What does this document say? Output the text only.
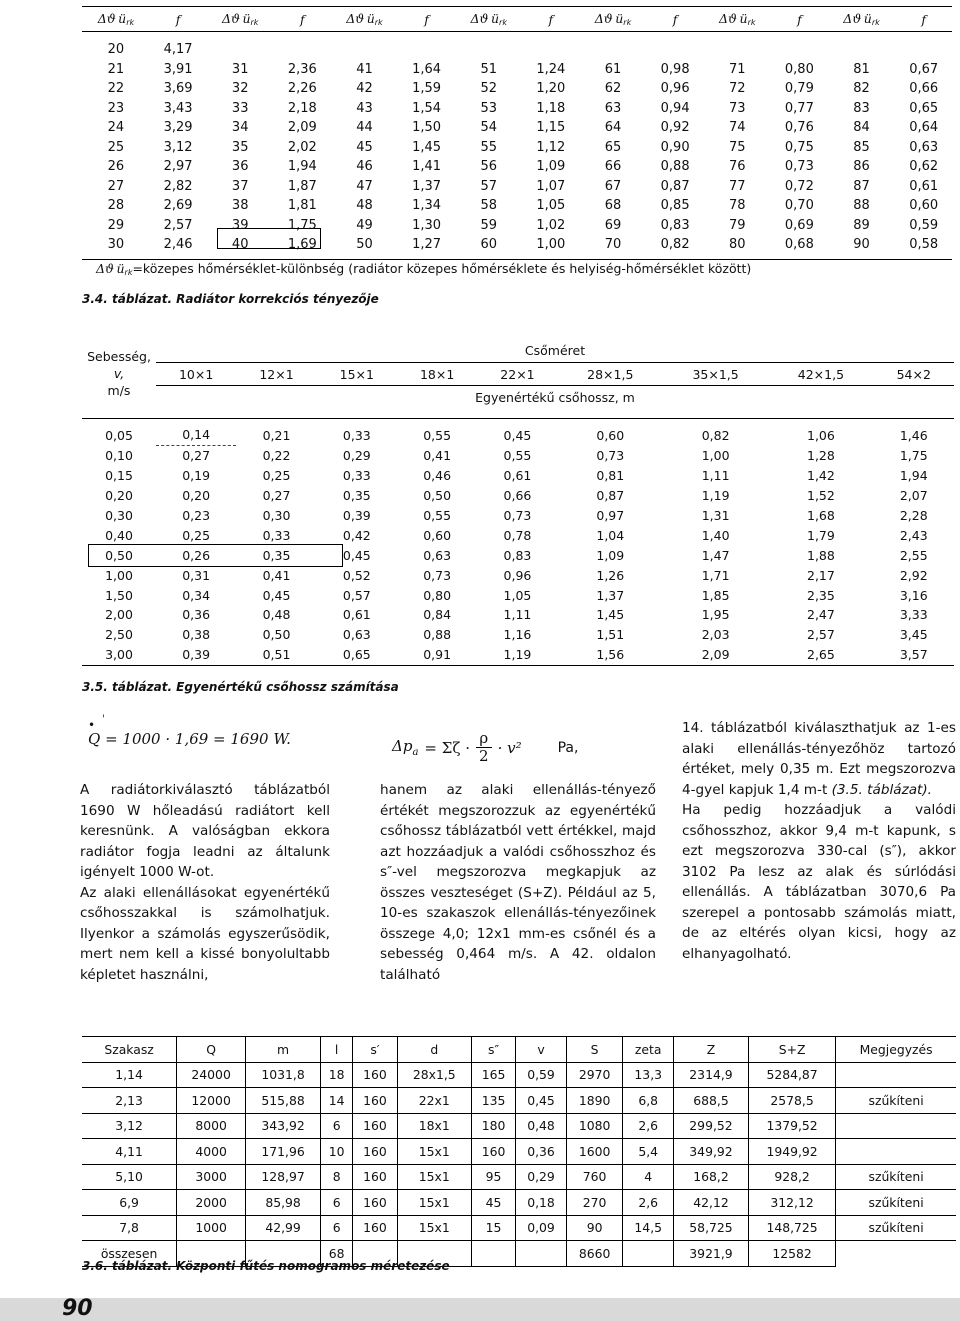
Δϑ  $ü_{rk}$	f	Δϑ  $ü_{rk}$	f	Δϑ  $ü_{rk}$	f	Δϑ  $ü_{rk}$	f	Δϑ  $ü_{rk}$	f	Δϑ  $ü_{rk}$	f	Δϑ  $ü_{rk}$	f

20	4,17												
21	3,91	31	2,36	41	1,64	51	1,24	61	0,98	71	0,80	81	0,67
22	3,69	32	2,26	42	1,59	52	1,20	62	0,96	72	0,79	82	0,66
23	3,43	33	2,18	43	1,54	53	1,18	63	0,94	73	0,77	83	0,65
24	3,29	34	2,09	44	1,50	54	1,15	64	0,92	74	0,76	84	0,64
25	3,12	35	2,02	45	1,45	55	1,12	65	0,90	75	0,75	85	0,63
26	2,97	36	1,94	46	1,41	56	1,09	66	0,88	76	0,73	86	0,62
27	2,82	37	1,87	47	1,37	57	1,07	67	0,87	77	0,72	87	0,61
28	2,69	38	1,81	48	1,34	58	1,05	68	0,85	78	0,70	88	0,60
29	2,57	39	1,75	49	1,30	59	1,02	69	0,83	79	0,69	89	0,59
30	2,46	40	1,69	50	1,27	60	1,00	70	0,82	80	0,68	90	0,58
Δϑ  $ü_{rk}=közepes$ hőmérséklet-különbség (radiátor közepes hőmérséklete és helyiség-hőmérséklet között)
3.4. táblázat. Radiátor korrekciós tényezője
Sebesség,
v,
m/s	Csőméret								
	10×1	12×1	15×1	18×1	22×1	28×1,5	35×1,5	42×1,5	54×2
	Egyenértékű csőhossz, m								

0,05	0,14	0,21	0,33	0,55	0,45	0,60	0,82	1,06	1,46
0,10	0,27	0,22	0,29	0,41	0,55	0,73	1,00	1,28	1,75
0,15	0,19	0,25	0,33	0,46	0,61	0,81	1,11	1,42	1,94
0,20	0,20	0,27	0,35	0,50	0,66	0,87	1,19	1,52	2,07
0,30	0,23	0,30	0,39	0,55	0,73	0,97	1,31	1,68	2,28
0,40	0,25	0,33	0,42	0,60	0,78	1,04	1,40	1,79	2,43
0,50	0,26	0,35	0,45	0,63	0,83	1,09	1,47	1,88	2,55
1,00	0,31	0,41	0,52	0,73	0,96	1,26	1,71	2,17	2,92
1,50	0,34	0,45	0,57	0,80	1,05	1,37	1,85	2,35	3,16
2,00	0,36	0,48	0,61	0,84	1,11	1,45	1,95	2,47	3,33
2,50	0,38	0,50	0,63	0,88	1,16	1,51	2,03	2,57	3,45
3,00	0,39	0,51	0,65	0,91	1,19	1,56	2,09	2,65	3,57
3.5. táblázat. Egyenértékű csőhossz számítása
• '
Q = 1000 · 1,69 = 1690 W.

A radiátorkiválasztó táblázatból 1690 W hőleadású radiátort kell keresnünk. A valóságban ekkora radiátor fogja leadni az általunk igényelt 1000 W-ot.

Az alaki ellenállásokat egyenértékű csőhosszakkal is számolhatjuk. Ilyenkor a számolás egyszerűsödik, mert nem kell a kissé bonyolultabb képletet használni,

$\Delta p_a = \Sigma\zeta$ ·
ρ
2 · v²	Pa,

hanem az alaki ellenállás-tényező értékét megszorozzuk az egyenértékű csőhossz táblázatból vett értékkel, majd azt hozzáadjuk a valódi csőhosszhoz és s″-vel megszorozva megkapjuk az összes veszteséget (S+Z). Például az 5, 10-es szakaszok ellenállás-tényezőinek összege 4,0; 12x1 mm-es csőnél és a sebesség 0,464 m/s. A 42. oldalon található

14. táblázatból kiválaszthatjuk az 1-es alaki ellenállás-tényezőhöz tartozó értéket, mely 0,35 m. Ezt megszorozva 4-gyel kapjuk 1,4 m-t (3.5. táblázat).

Ha pedig hozzáadjuk a valódi csőhosszhoz, akkor 9,4 m-t kapunk, s ezt megszorozva 330-cal (s″), akkor 3102 Pa lesz az alak és súrlódási ellenállás. A táblázatban 3070,6 Pa szerepel a pontosabb számolás miatt, de az eltérés olyan kicsi, hogy az elhanyagolható.

Szakasz	Q	m	l	s′	d	s″	v	S	zeta	Z	S+Z	Megjegyzés
1,14	24000	1031,8	18	160	28x1,5	165	0,59	2970	13,3	2314,9	5284,87	
2,13	12000	515,88	14	160	22x1	135	0,45	1890	6,8	688,5	2578,5	szűkíteni
3,12	8000	343,92	6	160	18x1	180	0,48	1080	2,6	299,52	1379,52	
4,11	4000	171,96	10	160	15x1	160	0,36	1600	5,4	349,92	1949,92	
5,10	3000	128,97	8	160	15x1	95	0,29	760	4	168,2	928,2	szűkíteni
6,9	2000	85,98	6	160	15x1	45	0,18	270	2,6	42,12	312,12	szűkíteni
7,8	1000	42,99	6	160	15x1	15	0,09	90	14,5	58,725	148,725	szűkíteni
összesen			68					8660		3921,9	12582	
3.6. táblázat. Központi fűtés nomogramos méretezése
90
